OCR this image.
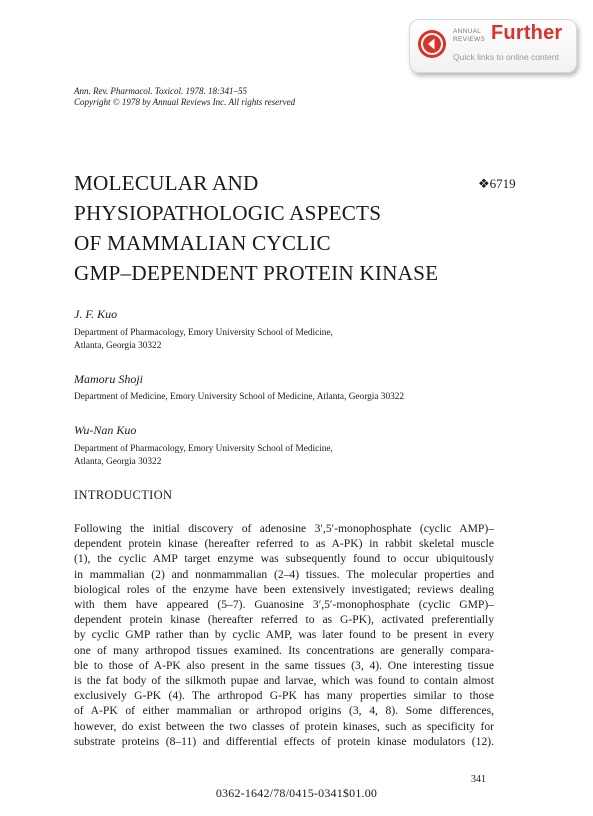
ANNUAL
REVIEWS Further
Quick links to online content
Ann. Rev. Pharmacol. Toxicol. 1978. 18:341–55
Copyright © 1978 by Annual Reviews Inc. All rights reserved
MOLECULAR AND
PHYSIOPATHOLOGIC ASPECTS
OF MAMMALIAN CYCLIC
GMP–DEPENDENT PROTEIN KINASE
❖6719
J. F. Kuo
Department of Pharmacology, Emory University School of Medicine,
Atlanta, Georgia 30322
Mamoru Shoji
Department of Medicine, Emory University School of Medicine, Atlanta, Georgia 30322
Wu-Nan Kuo
Department of Pharmacology, Emory University School of Medicine,
Atlanta, Georgia 30322
INTRODUCTION
Following the initial discovery of adenosine 3′,5′-monophosphate (cyclic AMP)–
dependent protein kinase (hereafter referred to as A-PK) in rabbit skeletal muscle
(1), the cyclic AMP target enzyme was subsequently found to occur ubiquitously
in mammalian (2) and nonmammalian (2–4) tissues. The molecular properties and
biological roles of the enzyme have been extensively investigated; reviews dealing
with them have appeared (5–7). Guanosine 3′,5′-monophosphate (cyclic GMP)–
dependent protein kinase (hereafter referred to as G-PK), activated preferentially
by cyclic GMP rather than by cyclic AMP, was later found to be present in every
one of many arthropod tissues examined. Its concentrations are generally compara-
ble to those of A-PK also present in the same tissues (3, 4). One interesting tissue
is the fat body of the silkmoth pupae and larvae, which was found to contain almost
exclusively G-PK (4). The arthropod G-PK has many properties similar to those
of A-PK of either mammalian or arthropod origins (3, 4, 8). Some differences,
however, do exist between the two classes of protein kinases, such as specificity for
substrate proteins (8–11) and differential effects of protein kinase modulators (12).
341
0362-1642/78/0415-0341$01.00
